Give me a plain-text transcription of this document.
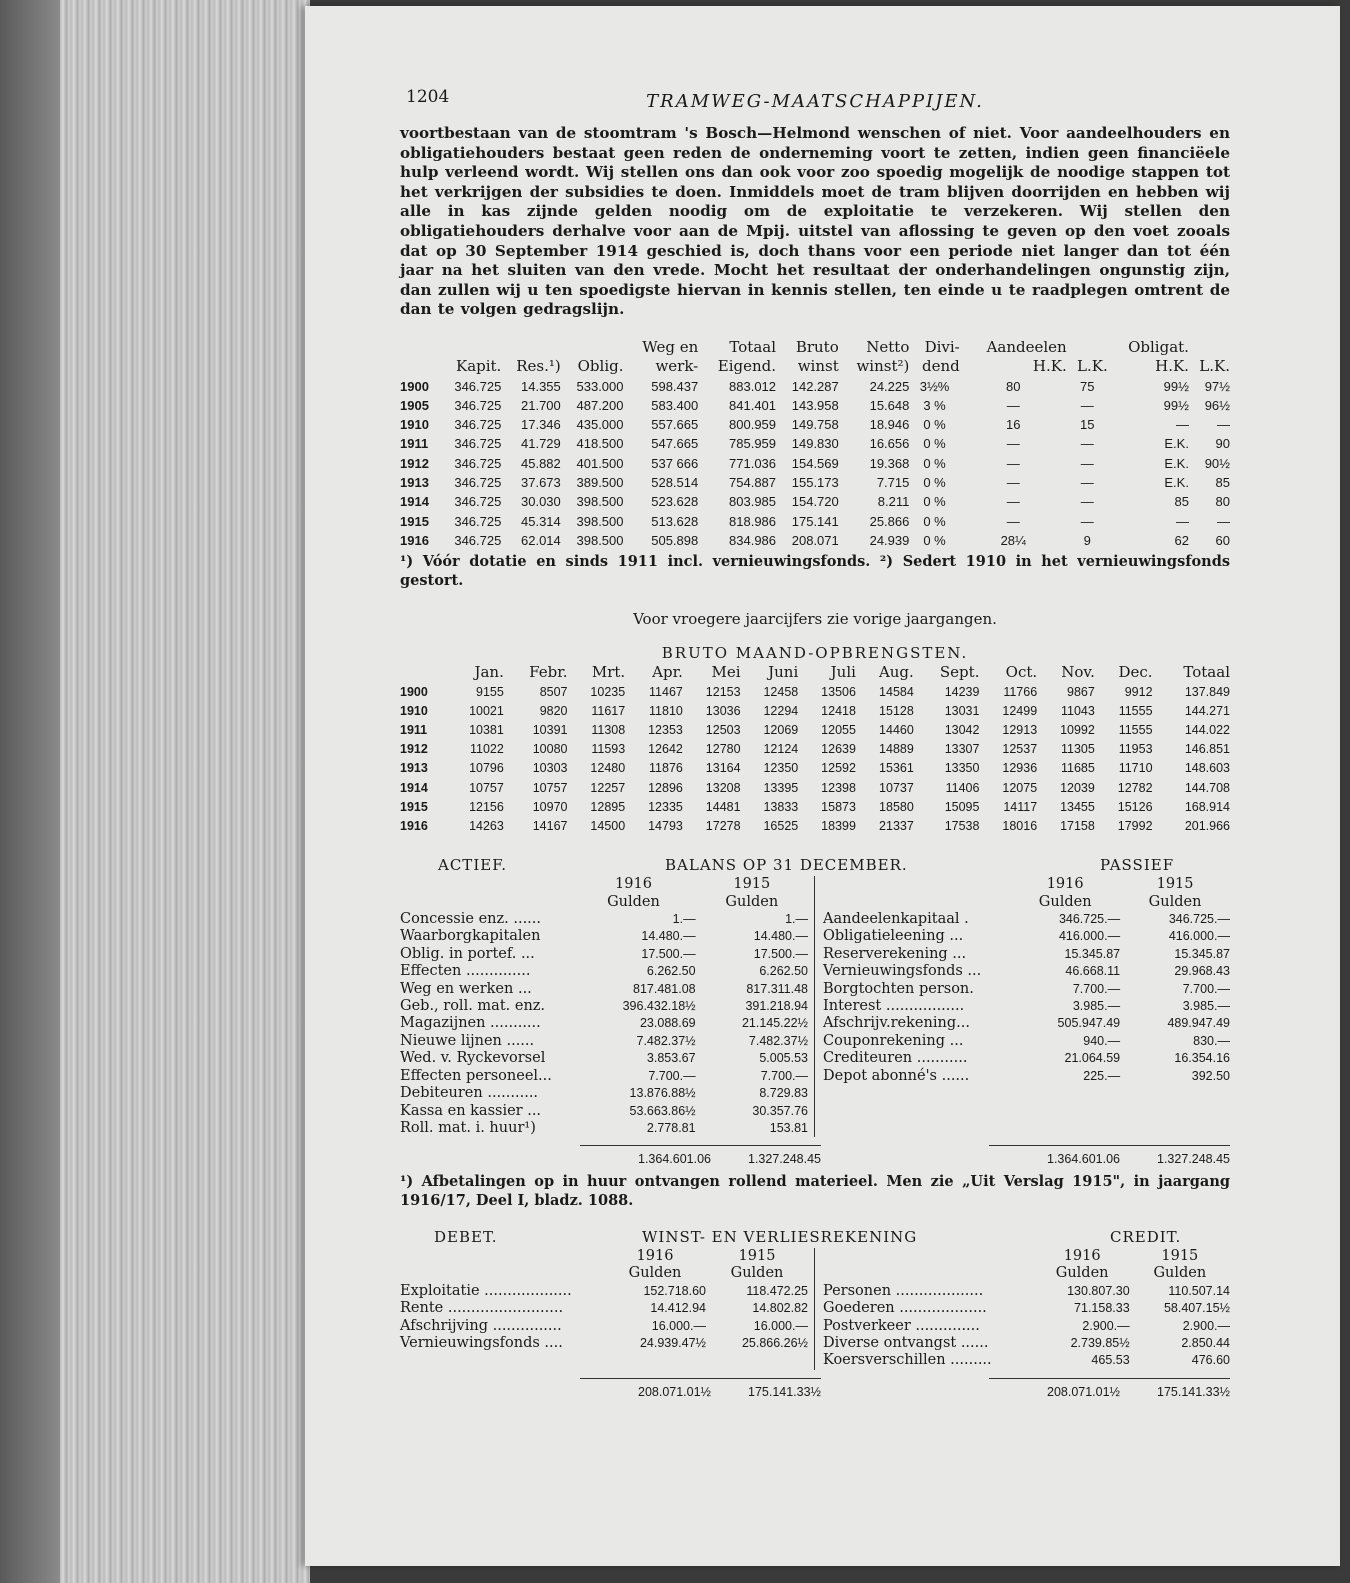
1204	TRAMWEG-MAATSCHAPPIJEN.

voortbestaan van de stoomtram 's Bosch—Helmond wenschen of niet. Voor aandeelhouders en obligatiehouders bestaat geen reden de onderneming voort te zetten, indien geen financiëele hulp verleend wordt. Wij stellen ons dan ook voor zoo spoedig mogelijk de noodige stappen tot het verkrijgen der subsidies te doen. Inmiddels moet de tram blijven doorrijden en hebben wij alle in kas zijnde gelden noodig om de exploitatie te verzekeren. Wij stellen den obligatiehouders derhalve voor aan de Mpij. uitstel van aflossing te geven op den voet zooals dat op 30 September 1914 geschied is, doch thans voor een periode niet langer dan tot één jaar na het sluiten van den vrede. Mocht het resultaat der onderhandelingen ongunstig zijn, dan zullen wij u ten spoedigste hiervan in kennis stellen, ten einde u te raadplegen omtrent de dan te volgen gedragslijn.

				Weg en	Totaal	Bruto	Netto	Divi-	Aandeelen		Obligat.	
	Kapit.	Res.¹)	Oblig.	werk-	Eigend.	winst	winst²)	dend	H.K.	L.K.	H.K.	L.K.
1900	346.725	14.355	533.000	598.437	883.012	142.287	24.225	3½%	80	75	99½	97½
1905	346.725	21.700	487.200	583.400	841.401	143.958	15.648	3 %	—	—	99½	96½
1910	346.725	17.346	435.000	557.665	800.959	149.758	18.946	0 %	16	15	—	—
1911	346.725	41.729	418.500	547.665	785.959	149.830	16.656	0 %	—	—	E.K.	90
1912	346.725	45.882	401.500	537 666	771.036	154.569	19.368	0 %	—	—	E.K.	90½
1913	346.725	37.673	389.500	528.514	754.887	155.173	7.715	0 %	—	—	E.K.	85
1914	346.725	30.030	398.500	523.628	803.985	154.720	8.211	0 %	—	—	85	80
1915	346.725	45.314	398.500	513.628	818.986	175.141	25.866	0 %	—	—	—	—
1916	346.725	62.014	398.500	505.898	834.986	208.071	24.939	0 %	28¼	9	62	60

¹) Vóór dotatie en sinds 1911 incl. vernieuwingsfonds. ²) Sedert 1910 in het vernieuwingsfonds gestort.

Voor vroegere jaarcijfers zie vorige jaargangen.

BRUTO MAAND-OPBRENGSTEN.

	Jan.	Febr.	Mrt.	Apr.	Mei	Juni	Juli	Aug.	Sept.	Oct.	Nov.	Dec.	Totaal
1900	9155	8507	10235	11467	12153	12458	13506	14584	14239	11766	9867	9912	137.849
1910	10021	9820	11617	11810	13036	12294	12418	15128	13031	12499	11043	11555	144.271
1911	10381	10391	11308	12353	12503	12069	12055	14460	13042	12913	10992	11555	144.022
1912	11022	10080	11593	12642	12780	12124	12639	14889	13307	12537	11305	11953	146.851
1913	10796	10303	12480	11876	13164	12350	12592	15361	13350	12936	11685	11710	148.603
1914	10757	10757	12257	12896	13208	13395	12398	10737	11406	12075	12039	12782	144.708
1915	12156	10970	12895	12335	14481	13833	15873	18580	15095	14117	13455	15126	168.914
1916	14263	14167	14500	14793	17278	16525	18399	21337	17538	18016	17158	17992	201.966
ACTIEF.	BALANS OP 31 DECEMBER.	PASSIEF
	1916	1915
	Gulden	Gulden
Concessie enz. ......	1.—	1.—
Waarborgkapitalen	14.480.—	14.480.—
Oblig. in portef. ...	17.500.—	17.500.—
Effecten ..............	6.262.50	6.262.50
Weg en werken ...	817.481.08	817.311.48
Geb., roll. mat. enz.	396.432.18½	391.218.94
Magazijnen ...........	23.088.69	21.145.22½
Nieuwe lijnen ......	7.482.37½	7.482.37½
Wed. v. Ryckevorsel	3.853.67	5.005.53
Effecten personeel...	7.700.—	7.700.—
Debiteuren ...........	13.876.88½	8.729.83
Kassa en kassier ...	53.663.86½	30.357.76
Roll. mat. i. huur¹)	2.778.81	153.81
	1916	1915
	Gulden	Gulden
Aandeelenkapitaal .	346.725.—	346.725.—
Obligatieleening ...	416.000.—	416.000.—
Reserverekening ...	15.345.87	15.345.87
Vernieuwingsfonds ...	46.668.11	29.968.43
Borgtochten person.	7.700.—	7.700.—
Interest .................	3.985.—	3.985.—
Afschrijv.rekening...	505.947.49	489.947.49
Couponrekening ...	940.—	830.—
Crediteuren ...........	21.064.59	16.354.16
Depot abonné's ......	225.—	392.50
1.364.601.06	1.327.248.45	1.364.601.06	1.327.248.45

¹) Afbetalingen op in huur ontvangen rollend materieel. Men zie „Uit Verslag 1915", in jaargang 1916/17, Deel I, bladz. 1088.

DEBET.	WINST- EN VERLIESREKENING	CREDIT.
	1916	1915
	Gulden	Gulden
Exploitatie ...................	152.718.60	118.472.25
Rente .........................	14.412.94	14.802.82
Afschrijving ...............	16.000.—	16.000.—
Vernieuwingsfonds ....	24.939.47½	25.866.26½
	1916	1915
	Gulden	Gulden
Personen ...................	130.807.30	110.507.14
Goederen ...................	71.158.33	58.407.15½
Postverkeer ..............	2.900.—	2.900.—
Diverse ontvangst ......	2.739.85½	2.850.44
Koersverschillen .........	465.53	476.60
208.071.01½	175.141.33½	208.071.01½	175.141.33½
